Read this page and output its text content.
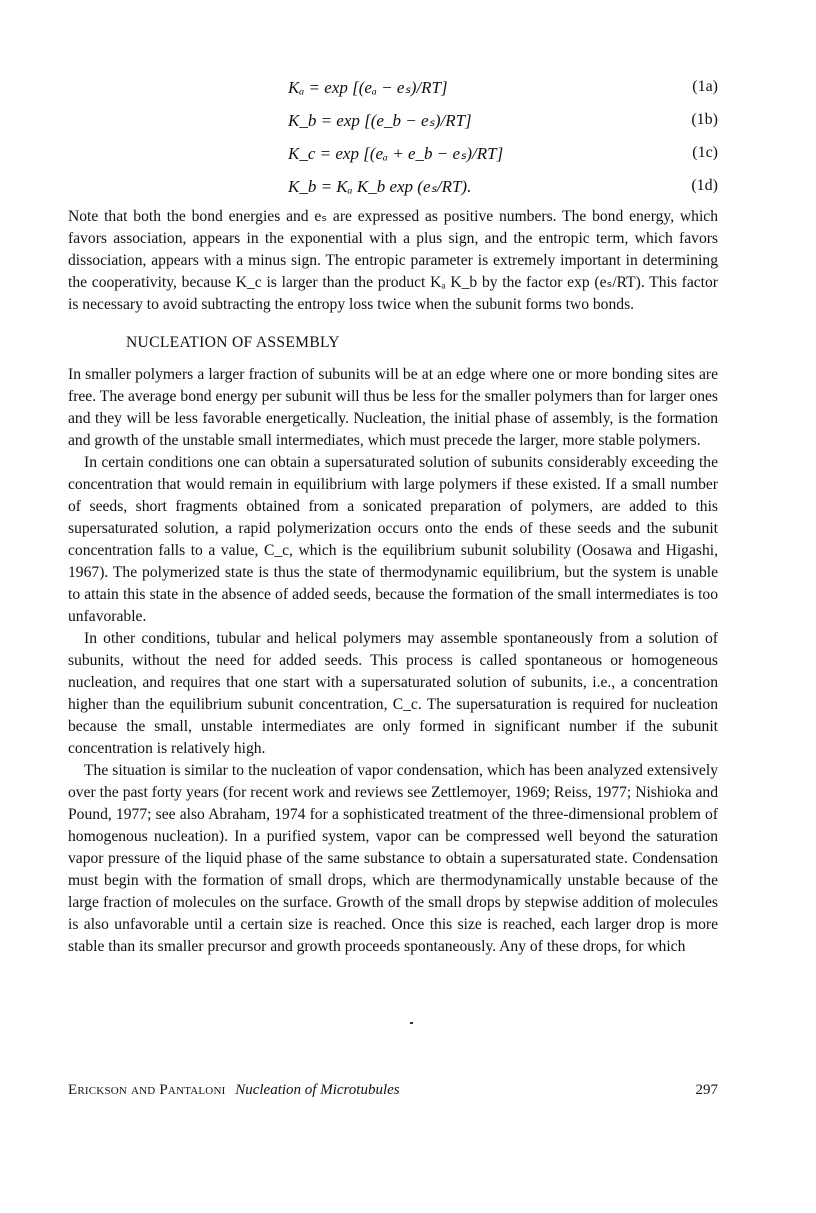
Kₐ = exp [(eₐ − eₛ)/RT]	(1a)
K_b = exp [(e_b − eₛ)/RT]	(1b)
K_c = exp [(eₐ + e_b − eₛ)/RT]	(1c)
K_b = Kₐ K_b exp (eₛ/RT).	(1d)

Note that both the bond energies and eₛ are expressed as positive numbers. The bond energy, which favors association, appears in the exponential with a plus sign, and the entropic term, which favors dissociation, appears with a minus sign. The entropic parameter is extremely important in determining the cooperativity, because K_c is larger than the product Kₐ K_b by the factor exp (eₛ/RT). This factor is necessary to avoid subtracting the entropy loss twice when the subunit forms two bonds.

NUCLEATION OF ASSEMBLY

In smaller polymers a larger fraction of subunits will be at an edge where one or more bonding sites are free. The average bond energy per subunit will thus be less for the smaller polymers than for larger ones and they will be less favorable energetically. Nucleation, the initial phase of assembly, is the formation and growth of the unstable small intermediates, which must precede the larger, more stable polymers.

In certain conditions one can obtain a supersaturated solution of subunits considerably exceeding the concentration that would remain in equilibrium with large polymers if these existed. If a small number of seeds, short fragments obtained from a sonicated preparation of polymers, are added to this supersaturated solution, a rapid polymerization occurs onto the ends of these seeds and the subunit concentration falls to a value, C_c, which is the equilibrium subunit solubility (Oosawa and Higashi, 1967). The polymerized state is thus the state of thermodynamic equilibrium, but the system is unable to attain this state in the absence of added seeds, because the formation of the small intermediates is too unfavorable.

In other conditions, tubular and helical polymers may assemble spontaneously from a solution of subunits, without the need for added seeds. This process is called spontaneous or homogeneous nucleation, and requires that one start with a supersaturated solution of subunits, i.e., a concentration higher than the equilibrium subunit concentration, C_c. The supersaturation is required for nucleation because the small, unstable intermediates are only formed in significant number if the subunit concentration is relatively high.

The situation is similar to the nucleation of vapor condensation, which has been analyzed extensively over the past forty years (for recent work and reviews see Zettlemoyer, 1969; Reiss, 1977; Nishioka and Pound, 1977; see also Abraham, 1974 for a sophisticated treatment of the three-dimensional problem of homogenous nucleation). In a purified system, vapor can be compressed well beyond the saturation vapor pressure of the liquid phase of the same substance to obtain a supersaturated state. Condensation must begin with the formation of small drops, which are thermodynamically unstable because of the large fraction of molecules on the surface. Growth of the small drops by stepwise addition of molecules is also unfavorable until a certain size is reached. Once this size is reached, each larger drop is more stable than its smaller precursor and growth proceeds spontaneously. Any of these drops, for which

Erickson and Pantaloni Nucleation of Microtubules	297
